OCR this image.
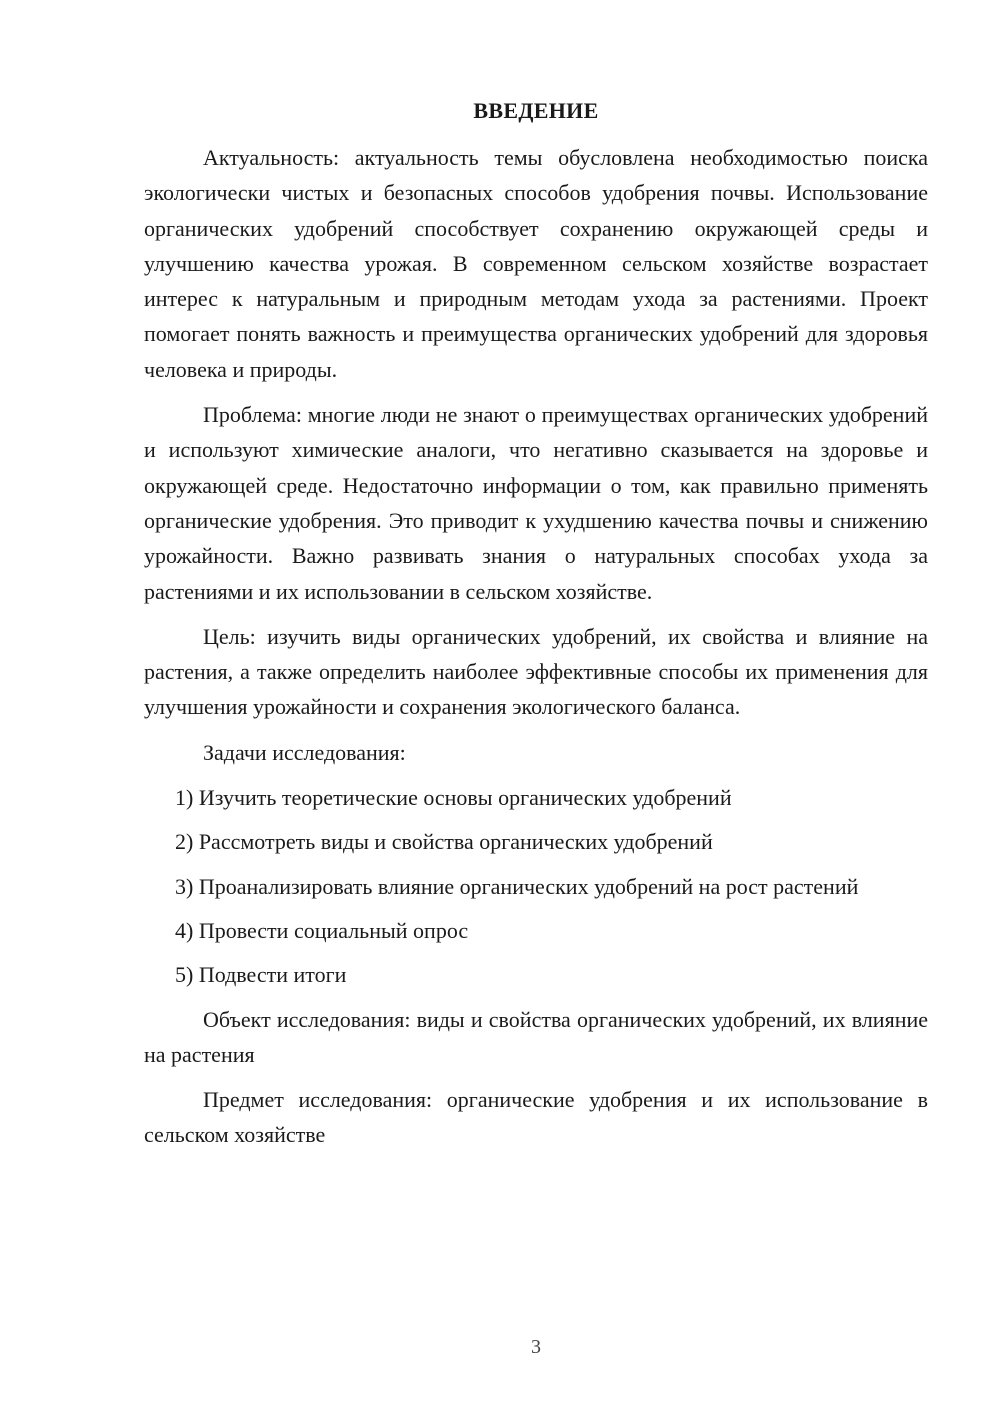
ВВЕДЕНИЕ

Актуальность: актуальность темы обусловлена необходимостью поиска экологически чистых и безопасных способов удобрения почвы. Использование органических удобрений способствует сохранению окружающей среды и улучшению качества урожая. В современном сельском хозяйстве возрастает интерес к натуральным и природным методам ухода за растениями. Проект помогает понять важность и преимущества органических удобрений для здоровья человека и природы.

Проблема: многие люди не знают о преимуществах органических удобрений и используют химические аналоги, что негативно сказывается на здоровье и окружающей среде. Недостаточно информации о том, как правильно применять органические удобрения. Это приводит к ухудшению качества почвы и снижению урожайности. Важно развивать знания о натуральных способах ухода за растениями и их использовании в сельском хозяйстве.

Цель: изучить виды органических удобрений, их свойства и влияние на растения, а также определить наиболее эффективные способы их применения для улучшения урожайности и сохранения экологического баланса.

Задачи исследования:

1) Изучить теоретические основы органических удобрений

2) Рассмотреть виды и свойства органических удобрений

3) Проанализировать влияние органических удобрений на рост растений

4) Провести социальный опрос

5) Подвести итоги

Объект исследования: виды и свойства органических удобрений, их влияние на растения

Предмет исследования: органические удобрения и их использование в сельском хозяйстве

3
